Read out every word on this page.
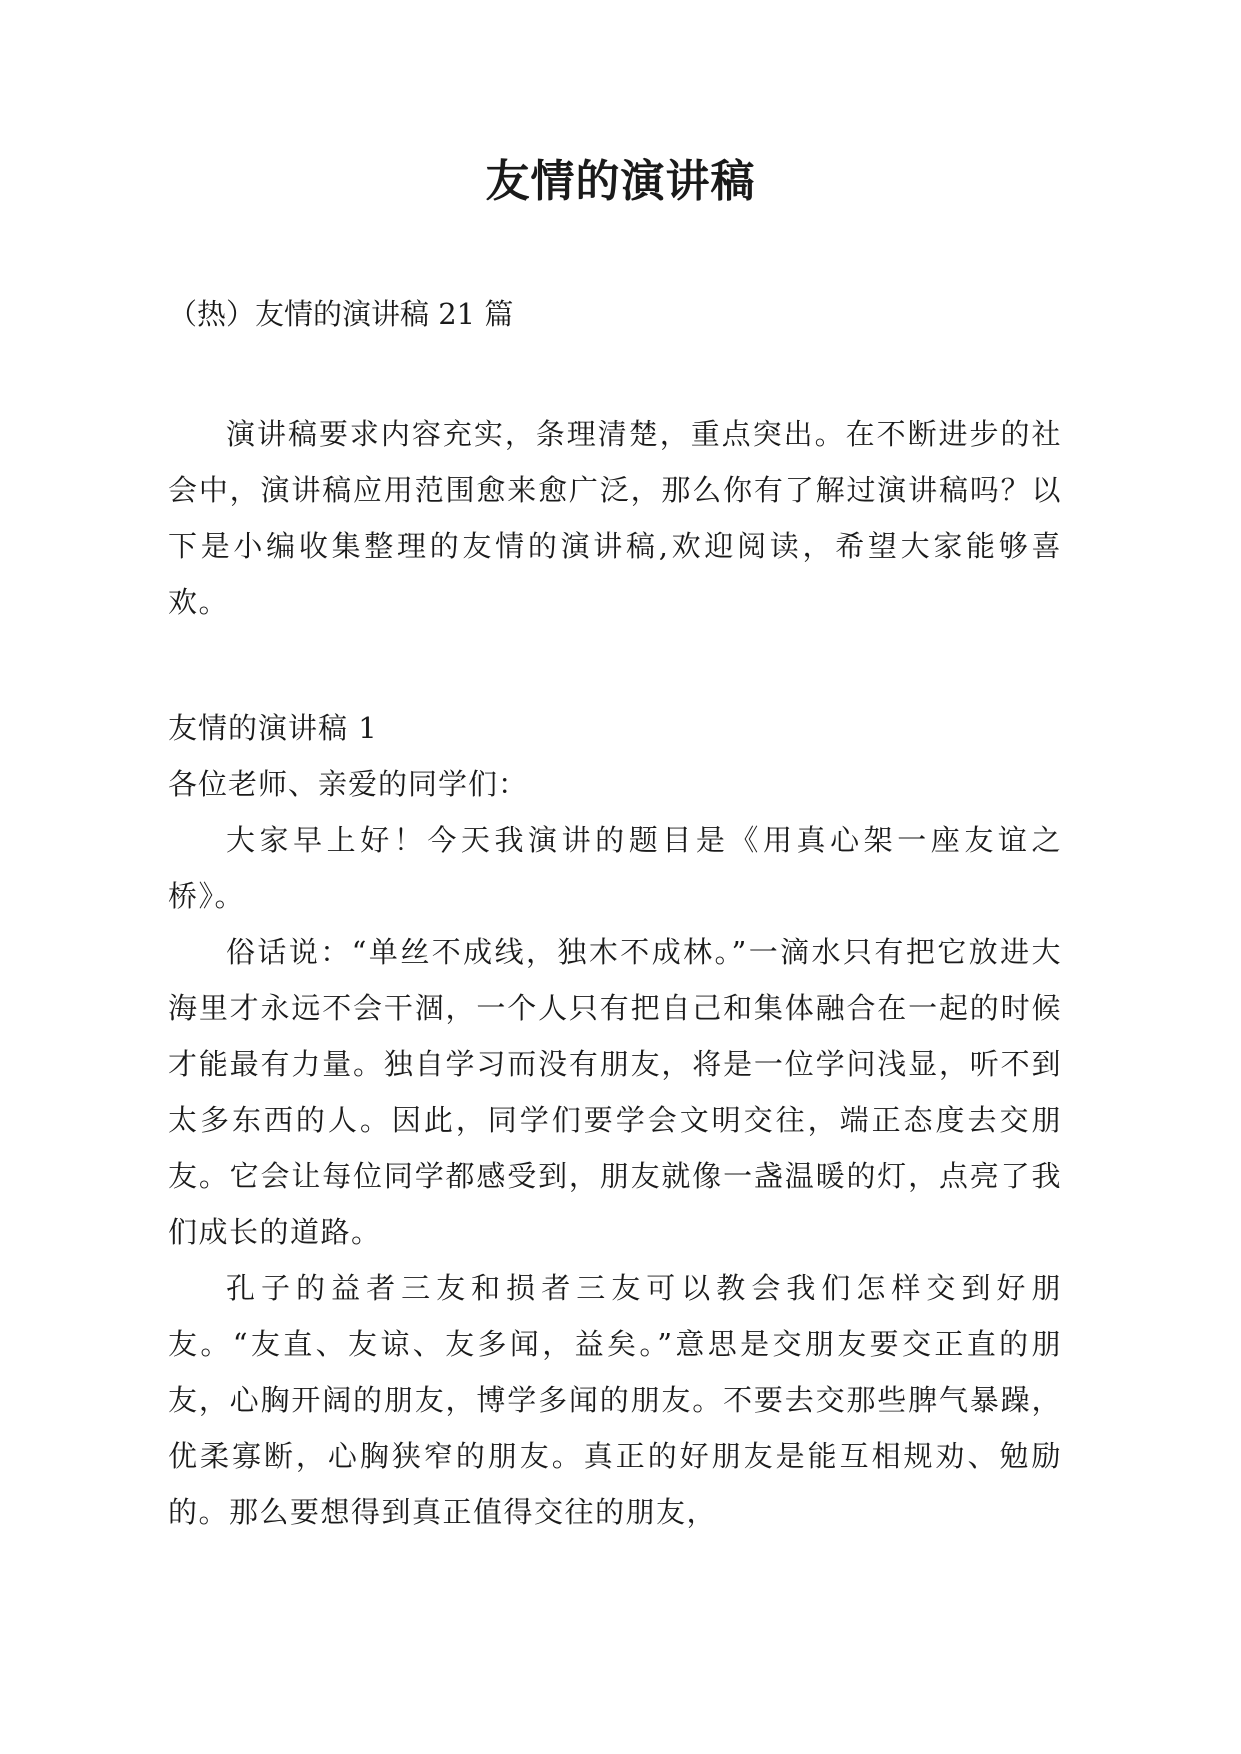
友情的演讲稿

（热）友情的演讲稿 21 篇

演讲稿要求内容充实，条理清楚，重点突出。在不断进步的社会中，演讲稿应用范围愈来愈广泛，那么你有了解过演讲稿吗？以下是小编收集整理的友情的演讲稿,欢迎阅读，希望大家能够喜欢。

友情的演讲稿 1

各位老师、亲爱的同学们：

大家早上好！今天我演讲的题目是《用真心架一座友谊之桥》。

俗话说：“单丝不成线，独木不成林。”一滴水只有把它放进大海里才永远不会干涸，一个人只有把自己和集体融合在一起的时候才能最有力量。独自学习而没有朋友，将是一位学问浅显，听不到太多东西的人。因此，同学们要学会文明交往，端正态度去交朋友。它会让每位同学都感受到，朋友就像一盏温暖的灯，点亮了我们成长的道路。

孔子的益者三友和损者三友可以教会我们怎样交到好朋友。“友直、友谅、友多闻，益矣。”意思是交朋友要交正直的朋友，心胸开阔的朋友，博学多闻的朋友。不要去交那些脾气暴躁，优柔寡断，心胸狭窄的朋友。真正的好朋友是能互相规劝、勉励的。那么要想得到真正值得交往的朋友，
